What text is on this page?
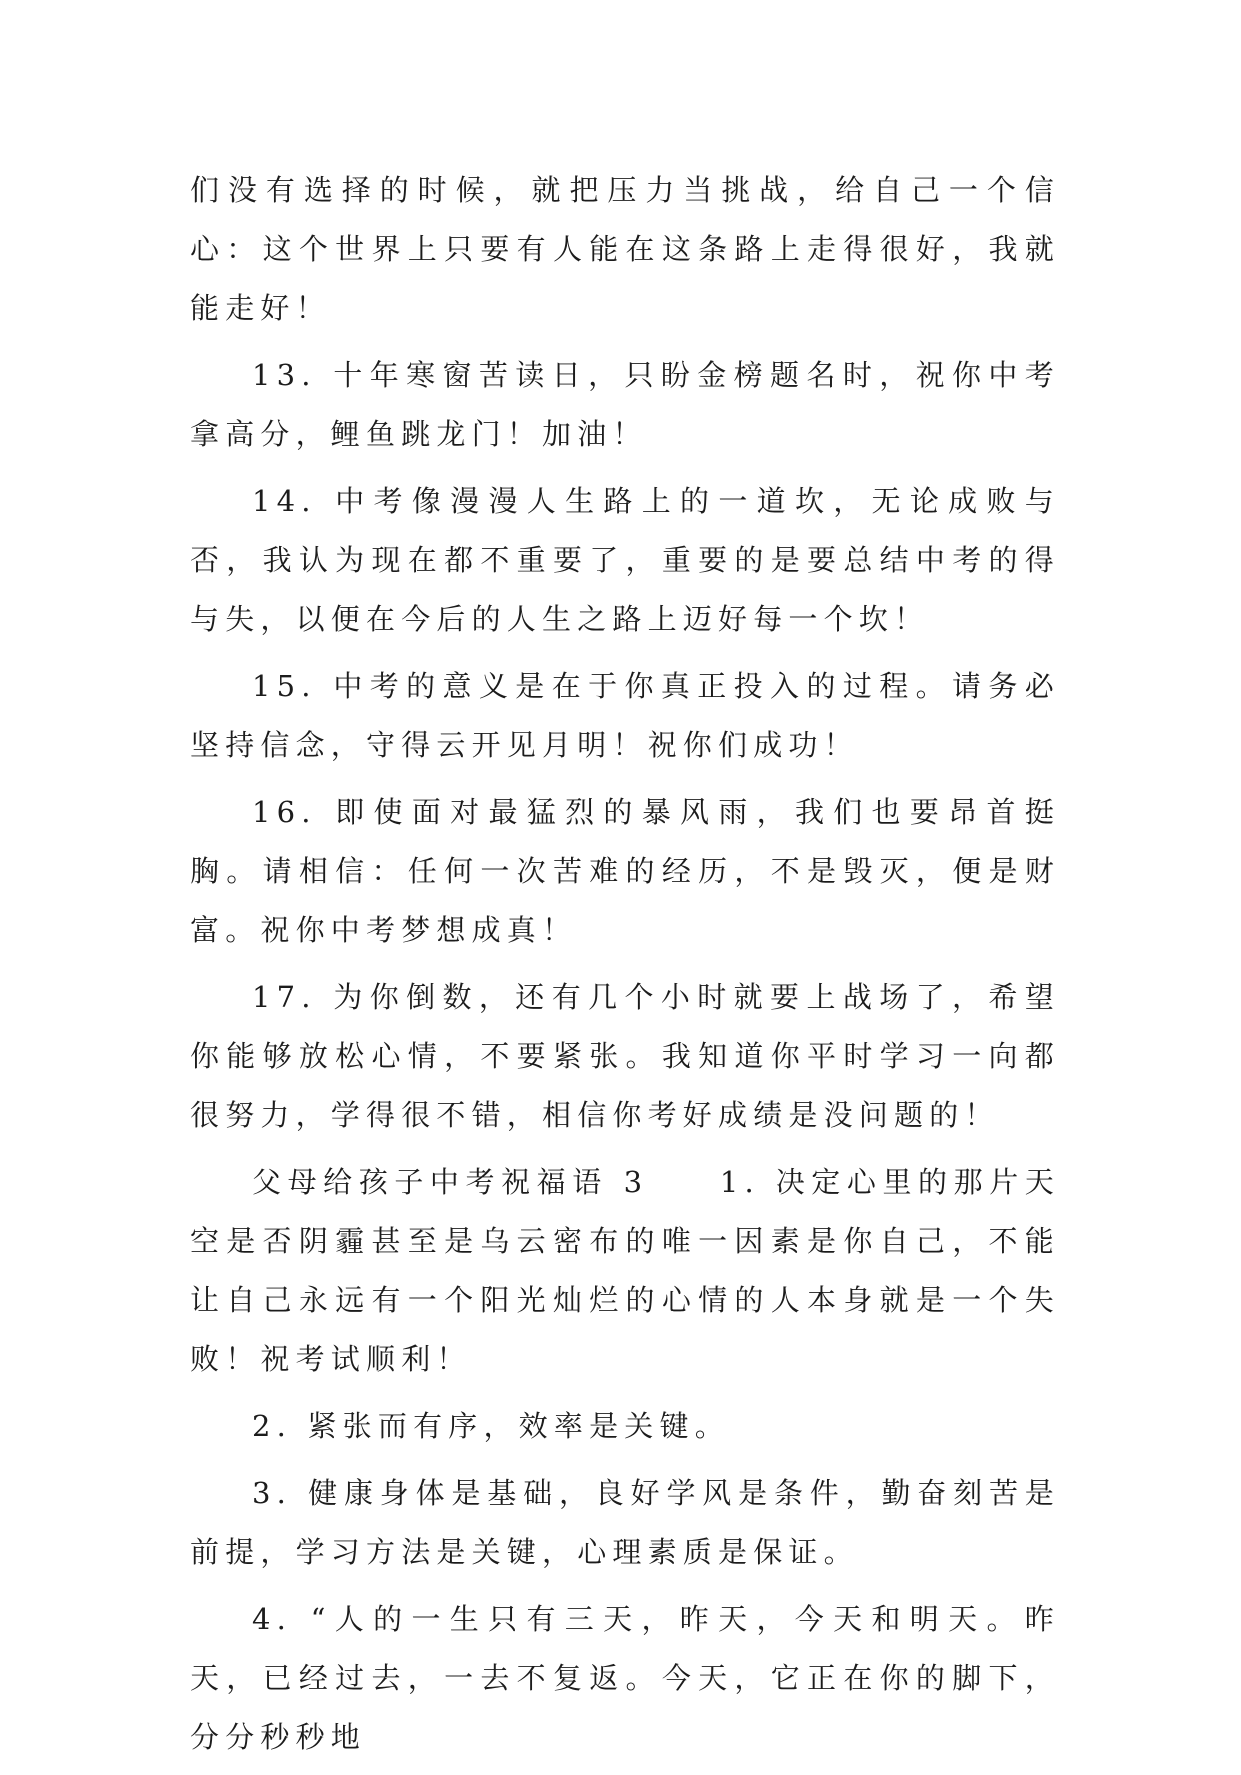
们没有选择的时候，就把压力当挑战，给自己一个信心：这个世界上只要有人能在这条路上走得很好，我就能走好！

13. 十年寒窗苦读日，只盼金榜题名时，祝你中考拿高分，鲤鱼跳龙门！加油！

14. 中考像漫漫人生路上的一道坎，无论成败与否，我认为现在都不重要了，重要的是要总结中考的得与失，以便在今后的人生之路上迈好每一个坎！

15. 中考的意义是在于你真正投入的过程。请务必坚持信念，守得云开见月明！祝你们成功！

16. 即使面对最猛烈的暴风雨，我们也要昂首挺胸。请相信：任何一次苦难的经历，不是毁灭，便是财富。祝你中考梦想成真！

17. 为你倒数，还有几个小时就要上战场了，希望你能够放松心情，不要紧张。我知道你平时学习一向都很努力，学得很不错，相信你考好成绩是没问题的！

父母给孩子中考祝福语 3　　1. 决定心里的那片天空是否阴霾甚至是乌云密布的唯一因素是你自己，不能让自己永远有一个阳光灿烂的心情的人本身就是一个失败！祝考试顺利！

2. 紧张而有序，效率是关键。

3. 健康身体是基础，良好学风是条件，勤奋刻苦是前提，学习方法是关键，心理素质是保证。

4. “人的一生只有三天，昨天，今天和明天。昨天，已经过去，一去不复返。今天，它正在你的脚下，分分秒秒地
